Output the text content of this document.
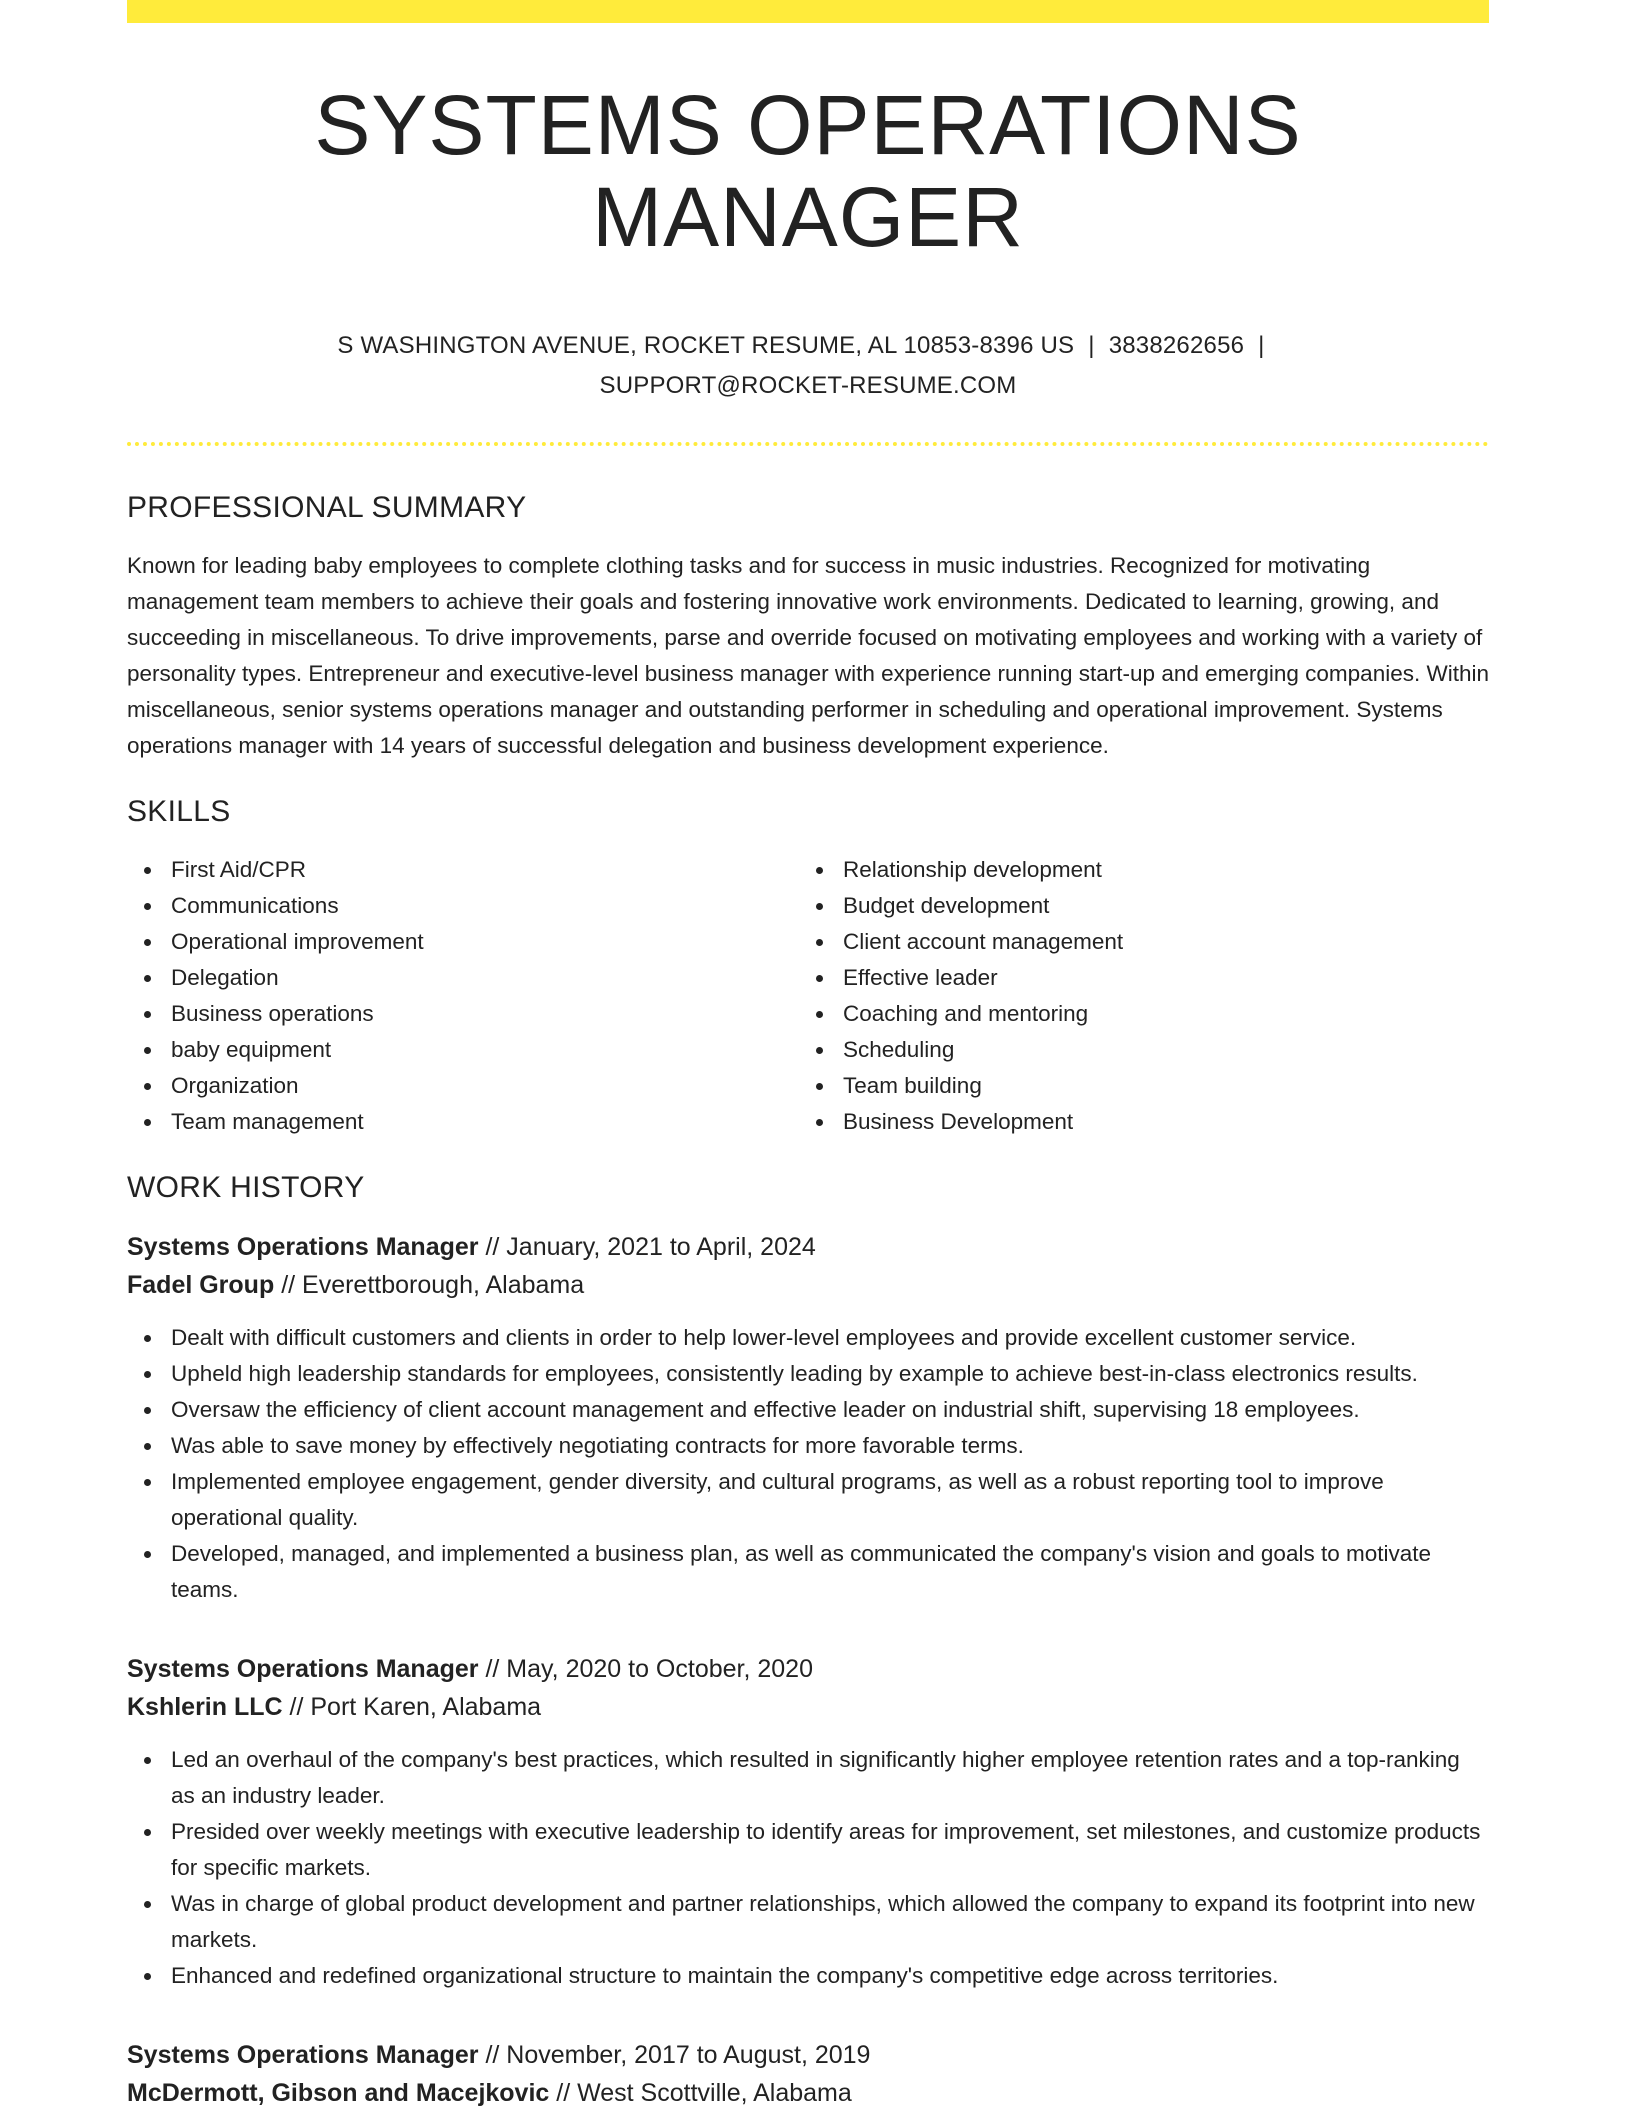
SYSTEMS OPERATIONS MANAGER
S WASHINGTON AVENUE, ROCKET RESUME, AL 10853-8396 US | 3838262656 |
SUPPORT@ROCKET-RESUME.COM
PROFESSIONAL SUMMARY
Known for leading baby employees to complete clothing tasks and for success in music industries. Recognized for motivating management team members to achieve their goals and fostering innovative work environments. Dedicated to learning, growing, and succeeding in miscellaneous. To drive improvements, parse and override focused on motivating employees and working with a variety of personality types. Entrepreneur and executive-level business manager with experience running start-up and emerging companies. Within miscellaneous, senior systems operations manager and outstanding performer in scheduling and operational improvement. Systems operations manager with 14 years of successful delegation and business development experience.
SKILLS
First Aid/CPR
Communications
Operational improvement
Delegation
Business operations
baby equipment
Organization
Team management
Relationship development
Budget development
Client account management
Effective leader
Coaching and mentoring
Scheduling
Team building
Business Development
WORK HISTORY
Systems Operations Manager // January, 2021 to April, 2024
Fadel Group // Everettborough, Alabama
Dealt with difficult customers and clients in order to help lower-level employees and provide excellent customer service.
Upheld high leadership standards for employees, consistently leading by example to achieve best-in-class electronics results.
Oversaw the efficiency of client account management and effective leader on industrial shift, supervising 18 employees.
Was able to save money by effectively negotiating contracts for more favorable terms.
Implemented employee engagement, gender diversity, and cultural programs, as well as a robust reporting tool to improve operational quality.
Developed, managed, and implemented a business plan, as well as communicated the company's vision and goals to motivate teams.
Systems Operations Manager // May, 2020 to October, 2020
Kshlerin LLC // Port Karen, Alabama
Led an overhaul of the company's best practices, which resulted in significantly higher employee retention rates and a top-ranking as an industry leader.
Presided over weekly meetings with executive leadership to identify areas for improvement, set milestones, and customize products for specific markets.
Was in charge of global product development and partner relationships, which allowed the company to expand its footprint into new markets.
Enhanced and redefined organizational structure to maintain the company's competitive edge across territories.
Systems Operations Manager // November, 2017 to August, 2019
McDermott, Gibson and Macejkovic // West Scottville, Alabama
